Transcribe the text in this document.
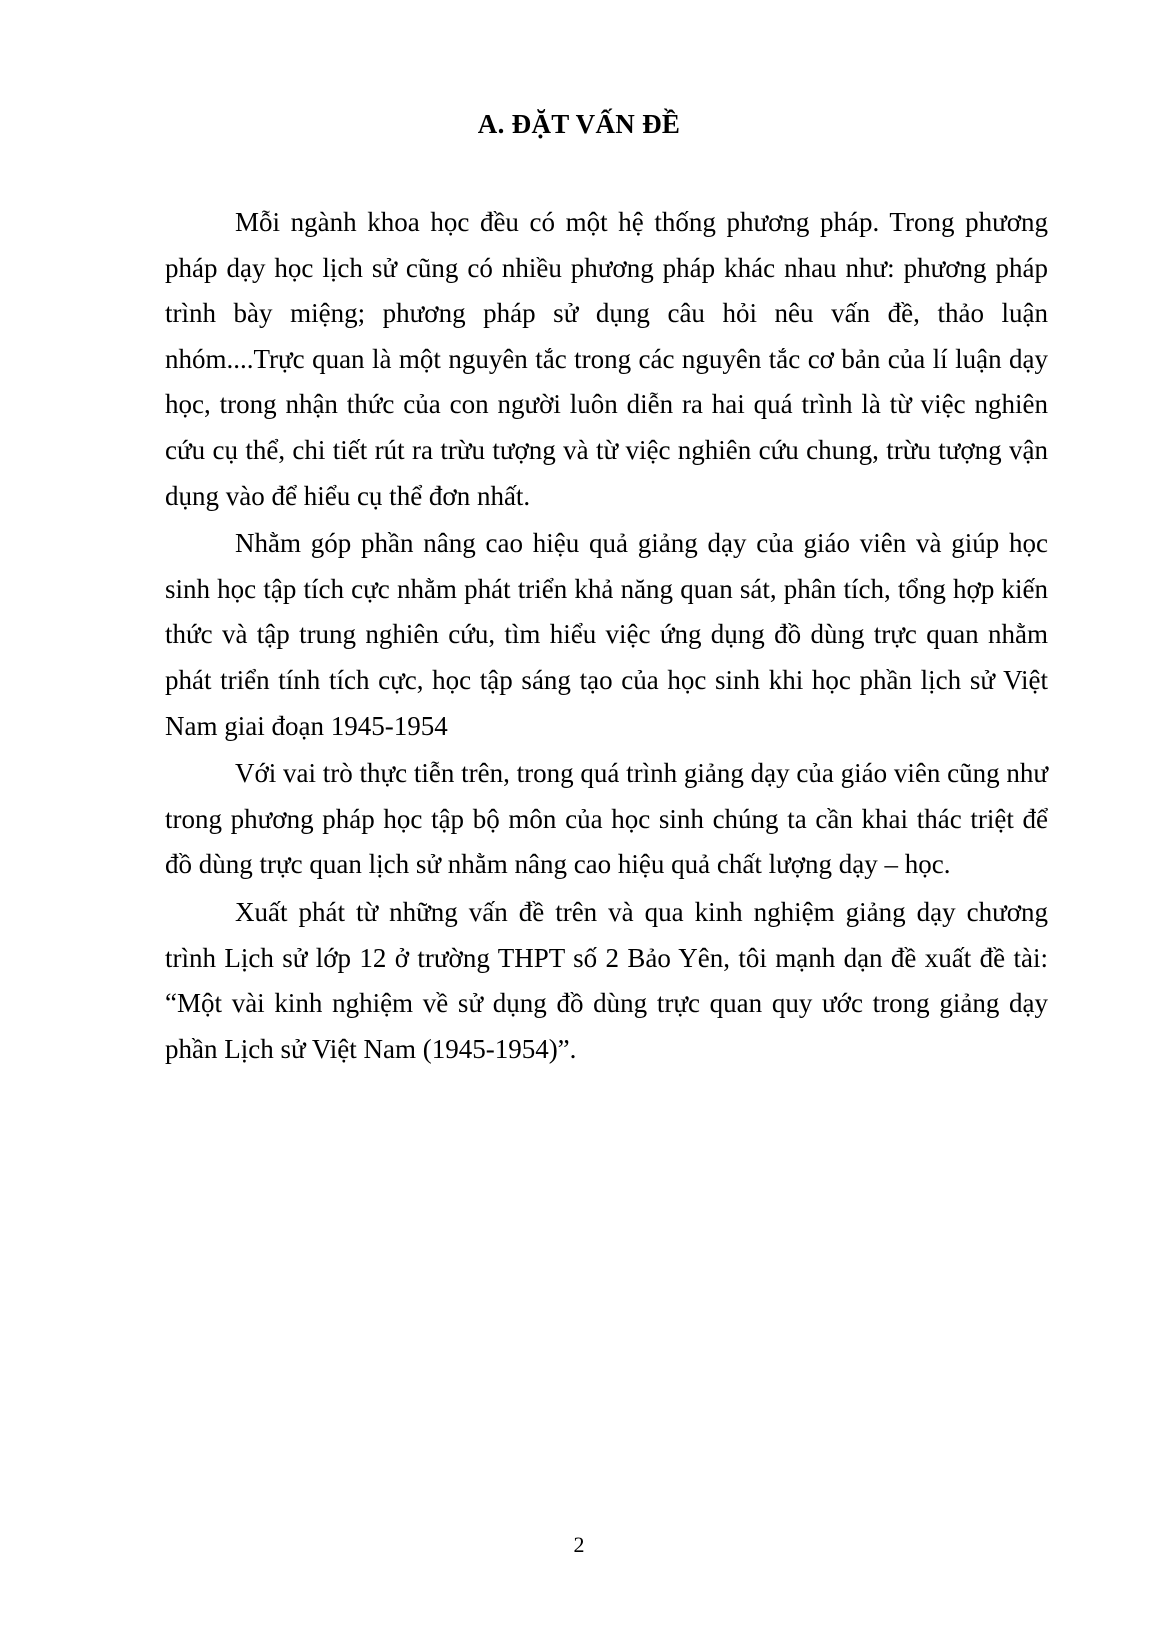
A. ĐẶT VẤN ĐỀ

Mỗi ngành khoa học đều có một hệ thống phương pháp. Trong phương pháp dạy học lịch sử cũng có nhiều phương pháp khác nhau như: phương pháp trình bày miệng; phương pháp sử dụng câu hỏi nêu vấn đề, thảo luận nhóm....Trực quan là một nguyên tắc trong các nguyên tắc cơ bản của lí luận dạy học, trong nhận thức của con người luôn diễn ra hai quá trình là từ việc nghiên cứu cụ thể, chi tiết rút ra trừu tượng và từ việc nghiên cứu chung, trừu tượng vận dụng vào để hiểu cụ thể đơn nhất.

Nhằm góp phần nâng cao hiệu quả giảng dạy của giáo viên và giúp học sinh học tập tích cực nhằm phát triển khả năng quan sát, phân tích, tổng hợp kiến thức và tập trung nghiên cứu, tìm hiểu việc ứng dụng đồ dùng trực quan nhằm phát triển tính tích cực, học tập sáng tạo của học sinh khi học phần lịch sử Việt Nam giai đoạn 1945-1954

Với vai trò thực tiễn trên, trong quá trình giảng dạy của giáo viên cũng như trong phương pháp học tập bộ môn của học sinh chúng ta cần khai thác triệt để đồ dùng trực quan lịch sử nhằm nâng cao hiệu quả chất lượng dạy – học.

Xuất phát từ những vấn đề trên và qua kinh nghiệm giảng dạy chương trình Lịch sử lớp 12 ở trường THPT số 2 Bảo Yên, tôi mạnh dạn đề xuất đề tài: “Một vài kinh nghiệm về sử dụng đồ dùng trực quan quy ước trong giảng dạy phần Lịch sử Việt Nam (1945-1954)”.

2
